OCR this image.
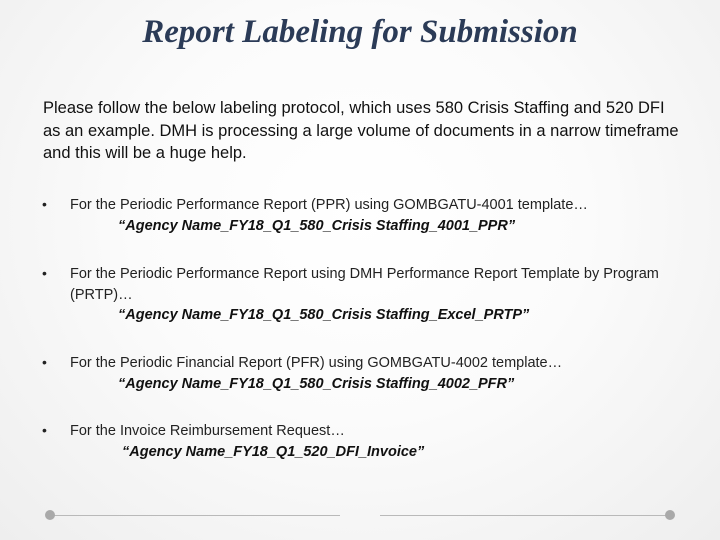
Report Labeling for Submission
Please follow the below labeling protocol, which uses 580 Crisis Staffing and 520 DFI as an example. DMH is processing a large volume of documents in a narrow timeframe and this will be a huge help.
• For the Periodic Performance Report (PPR) using GOMBGATU-4001 template…
“Agency Name_FY18_Q1_580_Crisis Staffing_4001_PPR”
• For the Periodic Performance Report using DMH Performance Report Template by Program (PRTP)…
“Agency Name_FY18_Q1_580_Crisis Staffing_Excel_PRTP”
• For the Periodic Financial Report (PFR) using GOMBGATU-4002 template…
“Agency Name_FY18_Q1_580_Crisis Staffing_4002_PFR”
• For the Invoice Reimbursement Request…
“Agency Name_FY18_Q1_520_DFI_Invoice”
